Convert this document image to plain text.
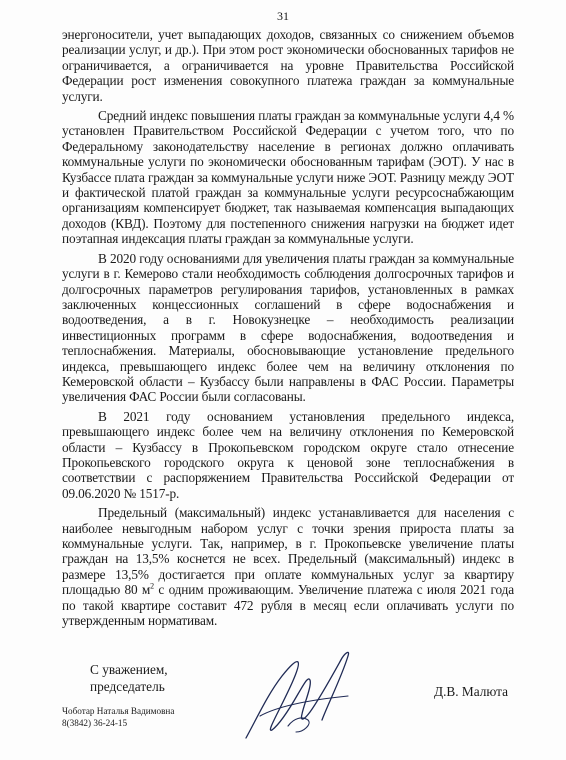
31

энергоносители, учет выпадающих доходов, связанных со снижением объемов реализации услуг, и др.). При этом рост экономически обоснованных тарифов не ограничивается, а ограничивается на уровне Правительства Российской Федерации рост изменения совокупного платежа граждан за коммунальные услуги.

Средний индекс повышения платы граждан за коммунальные услуги 4,4 % установлен Правительством Российской Федерации с учетом того, что по Федеральному законодательству население в регионах должно оплачивать коммунальные услуги по экономически обоснованным тарифам (ЭОТ). У нас в Кузбассе плата граждан за коммунальные услуги ниже ЭОТ. Разницу между ЭОТ и фактической платой граждан за коммунальные услуги ресурсоснабжающим организациям компенсирует бюджет, так называемая компенсация выпадающих доходов (КВД). Поэтому для постепенного снижения нагрузки на бюджет идет поэтапная индексация платы граждан за коммунальные услуги.

В 2020 году основаниями для увеличения платы граждан за коммунальные услуги в г. Кемерово стали необходимость соблюдения долгосрочных тарифов и долгосрочных параметров регулирования тарифов, установленных в рамках заключенных концессионных соглашений в сфере водоснабжения и водоотведения, а в г. Новокузнецке – необходимость реализации инвестиционных программ в сфере водоснабжения, водоотведения и теплоснабжения. Материалы, обосновывающие установление предельного индекса, превышающего индекс более чем на величину отклонения по Кемеровской области – Кузбассу были направлены в ФАС России. Параметры увеличения ФАС России были согласованы.

В 2021 году основанием установления предельного индекса, превышающего индекс более чем на величину отклонения по Кемеровской области – Кузбассу в Прокопьевском городском округе стало отнесение Прокопьевского городского округа к ценовой зоне теплоснабжения в соответствии с распоряжением Правительства Российской Федерации от 09.06.2020 № 1517-р.

Предельный (максимальный) индекс устанавливается для населения с наиболее невыгодным набором услуг с точки зрения прироста платы за коммунальные услуги. Так, например, в г. Прокопьевске увеличение платы граждан на 13,5% коснется не всех. Предельный (максимальный) индекс в размере 13,5% достигается при оплате коммунальных услуг за квартиру площадью 80 $м^2$ с одним проживающим. Увеличение платежа с июля 2021 года по такой квартире составит 472 рубля в месяц если оплачивать услуги по утвержденным нормативам.

С уважением,
председатель	Д.В. Малюта
Чоботар Наталья Вадимовна
8(3842) 36-24-15
